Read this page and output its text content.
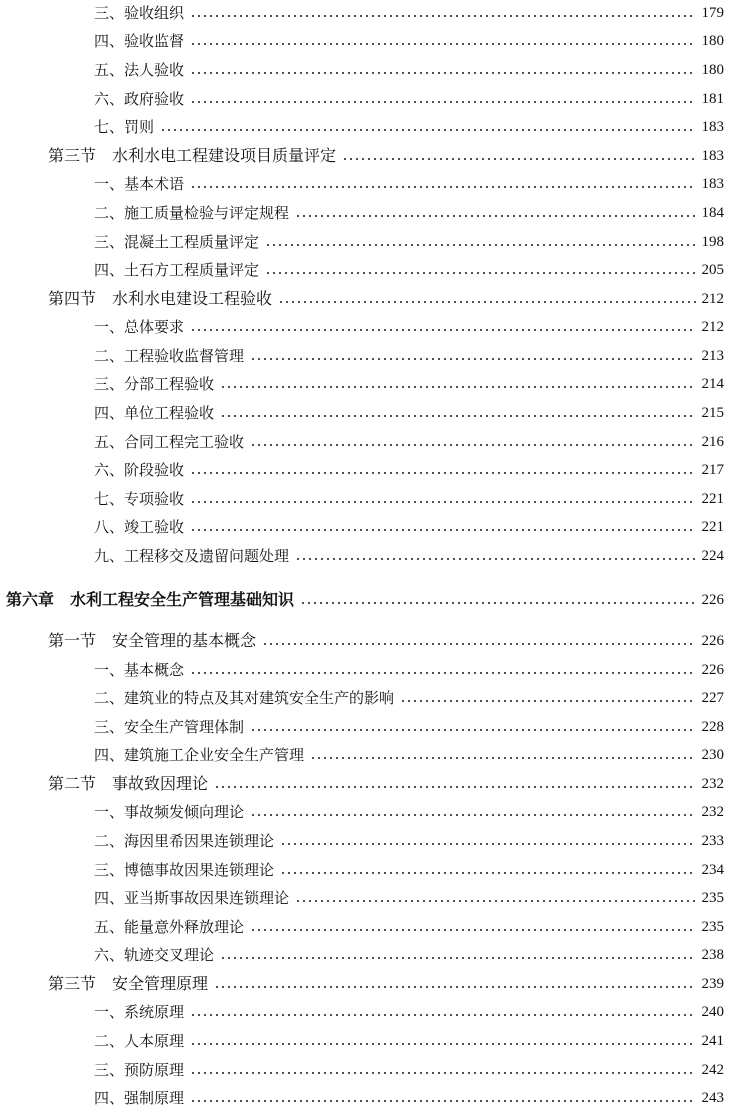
三、验收组织	179
四、验收监督	180
五、法人验收	180
六、政府验收	181
七、罚则	183
第三节　水利水电工程建设项目质量评定	183
一、基本术语	183
二、施工质量检验与评定规程	184
三、混凝土工程质量评定	198
四、土石方工程质量评定	205
第四节　水利水电建设工程验收	212
一、总体要求	212
二、工程验收监督管理	213
三、分部工程验收	214
四、单位工程验收	215
五、合同工程完工验收	216
六、阶段验收	217
七、专项验收	221
八、竣工验收	221
九、工程移交及遗留问题处理	224
第六章　水利工程安全生产管理基础知识	226
第一节　安全管理的基本概念	226
一、基本概念	226
二、建筑业的特点及其对建筑安全生产的影响	227
三、安全生产管理体制	228
四、建筑施工企业安全生产管理	230
第二节　事故致因理论	232
一、事故频发倾向理论	232
二、海因里希因果连锁理论	233
三、博德事故因果连锁理论	234
四、亚当斯事故因果连锁理论	235
五、能量意外释放理论	235
六、轨迹交叉理论	238
第三节　安全管理原理	239
一、系统原理	240
二、人本原理	241
三、预防原理	242
四、强制原理	243
